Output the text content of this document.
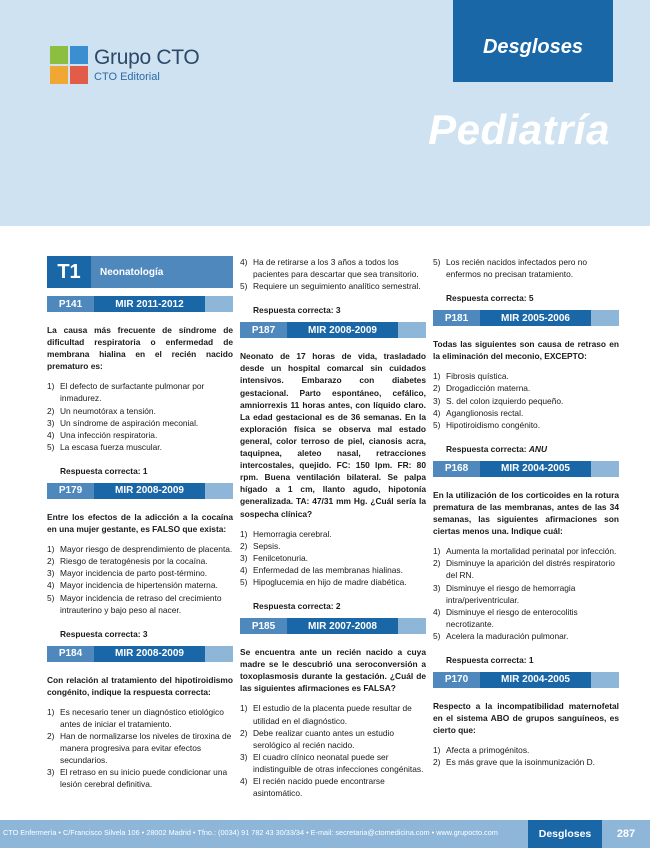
Grupo CTO
CTO Editorial
Desgloses
Pediatría
T1	Neonatología
P141	MIR 2011-2012

La causa más frecuente de síndrome de dificultad respiratoria o enfermedad de membrana hialina en el recién nacido prematuro es:

1) El defecto de surfactante pulmonar por inmadurez.
2) Un neumotórax a tensión.
3) Un síndrome de aspiración meconial.
4) Una infección respiratoria.
5) La escasa fuerza muscular.
Respuesta correcta: 1
P179	MIR 2008-2009

Entre los efectos de la adicción a la cocaína en una mujer gestante, es FALSO que exista:

1) Mayor riesgo de desprendimiento de placenta.
2) Riesgo de teratogénesis por la cocaína.
3) Mayor incidencia de parto post-término.
4) Mayor incidencia de hipertensión materna.
5) Mayor incidencia de retraso del crecimiento intrauterino y bajo peso al nacer.
Respuesta correcta: 3
P184	MIR 2008-2009

Con relación al tratamiento del hipotiroidismo congénito, indique la respuesta correcta:

1) Es necesario tener un diagnóstico etiológico antes de iniciar el tratamiento.
2) Han de normalizarse los niveles de tiroxina de manera progresiva para evitar efectos secundarios.
3) El retraso en su inicio puede condicionar una lesión cerebral definitiva.
4) Ha de retirarse a los 3 años a todos los pacientes para descartar que sea transitorio.
5) Requiere un seguimiento analítico semestral.
Respuesta correcta: 3
P187	MIR 2008-2009

Neonato de 17 horas de vida, trasladado desde un hospital comarcal sin cuidados intensivos. Embarazo con diabetes gestacional. Parto espontáneo, cefálico, amniorrexis 11 horas antes, con líquido claro. La edad gestacional es de 36 semanas. En la exploración física se observa mal estado general, color terroso de piel, cianosis acra, taquipnea, aleteo nasal, retracciones intercostales, quejido. FC: 150 lpm. FR: 80 rpm. Buena ventilación bilateral. Se palpa hígado a 1 cm, llanto agudo, hipotonía generalizada. TA: 47/31 mm Hg. ¿Cuál sería la sospecha clínica?

1) Hemorragia cerebral.
2) Sepsis.
3) Fenilcetonuria.
4) Enfermedad de las membranas hialinas.
5) Hipoglucemia en hijo de madre diabética.
Respuesta correcta: 2
P185	MIR 2007-2008

Se encuentra ante un recién nacido a cuya madre se le descubrió una seroconversión a toxoplasmosis durante la gestación. ¿Cuál de las siguientes afirmaciones es FALSA?

1) El estudio de la placenta puede resultar de utilidad en el diagnóstico.
2) Debe realizar cuanto antes un estudio serológico al recién nacido.
3) El cuadro clínico neonatal puede ser indistinguible de otras infecciones congénitas.
4) El recién nacido puede encontrarse asintomático.
5) Los recién nacidos infectados pero no enfermos no precisan tratamiento.
Respuesta correcta: 5
P181	MIR 2005-2006

Todas las siguientes son causa de retraso en la eliminación del meconio, EXCEPTO:

1) Fibrosis quística.
2) Drogadicción materna.
3) S. del colon izquierdo pequeño.
4) Aganglionosis rectal.
5) Hipotiroidismo congénito.
Respuesta correcta: ANU
P168	MIR 2004-2005

En la utilización de los corticoides en la rotura prematura de las membranas, antes de las 34 semanas, las siguientes afirmaciones son ciertas menos una. Indique cuál:

1) Aumenta la mortalidad perinatal por infección.
2) Disminuye la aparición del distrés respiratorio del RN.
3) Disminuye el riesgo de hemorragia intra/periventricular.
4) Disminuye el riesgo de enterocolitis necrotizante.
5) Acelera la maduración pulmonar.
Respuesta correcta: 1
P170	MIR 2004-2005

Respecto a la incompatibilidad maternofetal en el sistema ABO de grupos sanguíneos, es cierto que:

1) Afecta a primogénitos.
2) Es más grave que la isoinmunización D.
CTO Enfermería • C/Francisco Silvela 106 • 28002 Madrid • Tfno.: (0034) 91 782 43 30/33/34 • E-mail: secretaria@ctomedicina.com • www.grupocto.com	Desgloses	287
